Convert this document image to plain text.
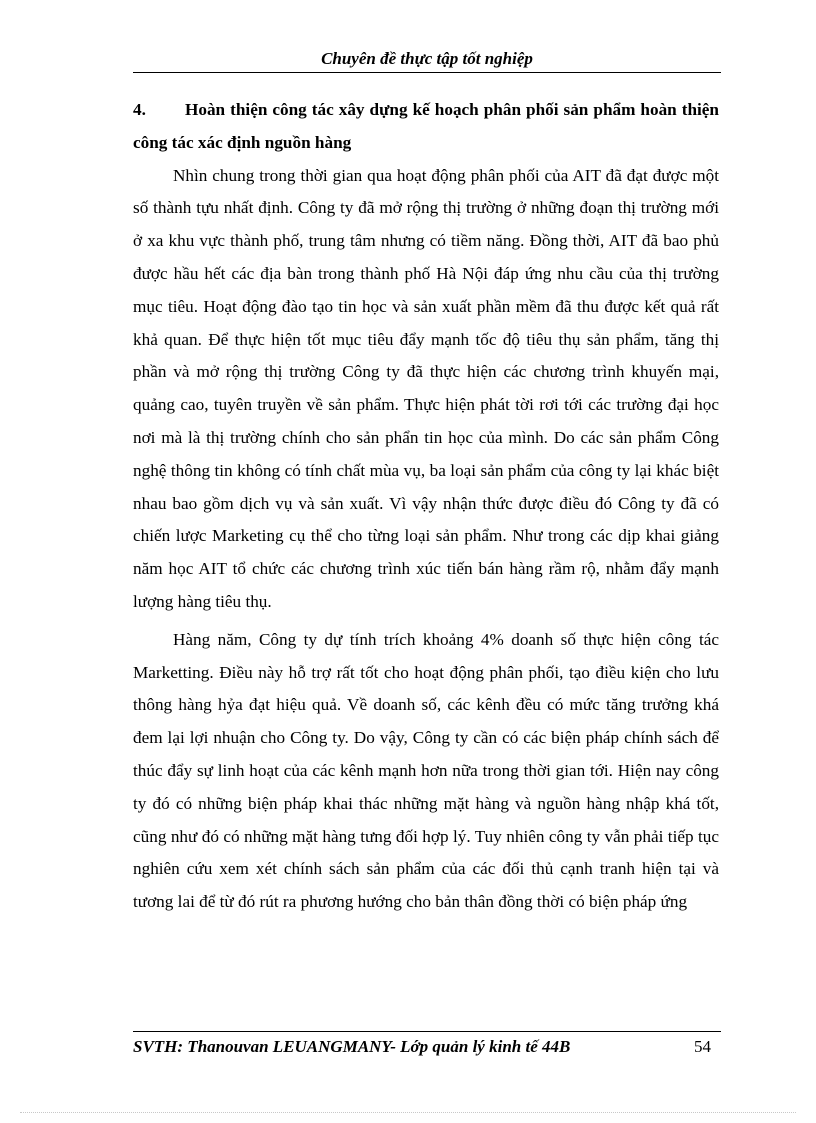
Chuyên đề thực tập tốt nghiệp

4. Hoàn thiện công tác xây dựng kế hoạch phân phối sản phẩm hoàn thiện công tác xác định nguồn hàng

Nhìn chung trong thời gian qua hoạt động phân phối của AIT đã đạt được một số thành tựu nhất định. Công ty đã mở rộng thị trường ở những đoạn thị trường mới ở xa khu vực thành phố, trung tâm nhưng có tiềm năng. Đồng thời, AIT đã bao phủ được hầu hết các địa bàn trong thành phố Hà Nội đáp ứng nhu cầu của thị trường mục tiêu. Hoạt động đào tạo tin học và sản xuất phần mềm đã thu được kết quả rất khả quan. Để thực hiện tốt mục tiêu đẩy mạnh tốc độ tiêu thụ sản phẩm, tăng thị phần và mở rộng thị trường Công ty đã thực hiện các chương trình khuyến mại, quảng cao, tuyên truyền về sản phẩm. Thực hiện phát tời rơi tới các trường đại học nơi mà là thị trường chính cho sản phẩn tin học của mình. Do các sản phẩm Công nghệ thông tin không có tính chất mùa vụ, ba loại sản phẩm của công ty lại khác biệt nhau bao gồm dịch vụ và sản xuất. Vì vậy nhận thức được điều đó Công ty đã có chiến lược Marketing cụ thể cho từng loại sản phẩm. Như trong các dịp khai giảng năm học AIT tổ chức các chương trình xúc tiến bán hàng rầm rộ, nhằm đẩy mạnh lượng hàng tiêu thụ.

Hàng năm, Công ty dự tính trích khoảng 4% doanh số thực hiện công tác Marketting. Điều này hỗ trợ rất tốt cho hoạt động phân phối, tạo điều kiện cho lưu thông hàng hỷa đạt hiệu quả. Về doanh số, các kênh đều có mức tăng trưởng khá đem lại lợi nhuận cho Công ty. Do vậy, Công ty cần có các biện pháp chính sách để thúc đẩy sự linh hoạt của các kênh mạnh hơn nữa trong thời gian tới. Hiện nay công ty đó có những biện pháp khai thác những mặt hàng và nguồn hàng nhập khá tốt, cũng như đó có những mặt hàng tưng đối hợp lý. Tuy nhiên công ty vẫn phải tiếp tục nghiên cứu xem xét chính sách sản phẩm của các đối thủ cạnh tranh hiện tại và tương lai để từ đó rút ra phương hướng cho bản thân đồng thời có biện pháp ứng

SVTH: Thanouvan LEUANGMANY- Lớp quản lý kinh tế 44B	54
